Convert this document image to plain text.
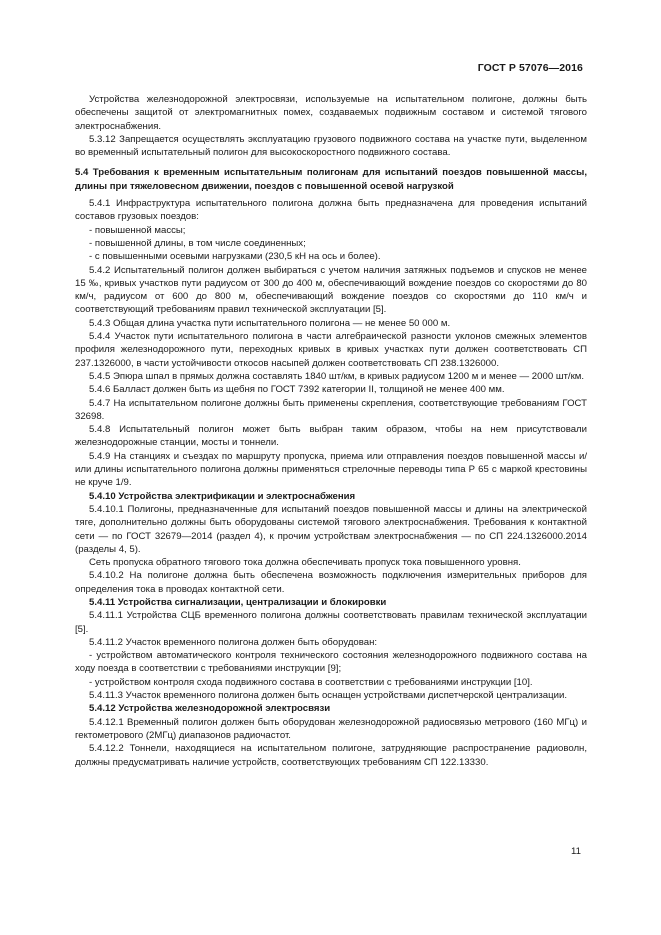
ГОСТ Р 57076—2016

Устройства железнодорожной электросвязи, используемые на испытательном полигоне, должны быть обеспечены защитой от электромагнитных помех, создаваемых подвижным составом и системой тягового электроснабжения.

5.3.12 Запрещается осуществлять эксплуатацию грузового подвижного состава на участке пути, выделенном во временный испытательный полигон для высокоскоростного подвижного состава.

5.4 Требования к временным испытательным полигонам для испытаний поездов повышенной массы, длины при тяжеловесном движении, поездов с повышенной осевой нагрузкой

5.4.1 Инфраструктура испытательного полигона должна быть предназначена для проведения испытаний составов грузовых поездов:

- повышенной массы;
- повышенной длины, в том числе соединенных;
- с повышенными осевыми нагрузками (230,5 кН на ось и более).

5.4.2 Испытательный полигон должен выбираться с учетом наличия затяжных подъемов и спусков не менее 15 ‰, кривых участков пути радиусом от 300 до 400 м, обеспечивающий вождение поездов со скоростями до 80 км/ч, радиусом от 600 до 800 м, обеспечивающий вождение поездов со скоростями до 110 км/ч и соответствующий требованиям правил технической эксплуатации [5].

5.4.3 Общая длина участка пути испытательного полигона — не менее 50 000 м.

5.4.4 Участок пути испытательного полигона в части алгебраической разности уклонов смежных элементов профиля железнодорожного пути, переходных кривых в кривых участках пути должен соответствовать СП 237.1326000, в части устойчивости откосов насыпей должен соответствовать СП 238.1326000.

5.4.5 Эпюра шпал в прямых должна составлять 1840 шт/км, в кривых радиусом 1200 м и менее — 2000 шт/км.

5.4.6 Балласт должен быть из щебня по ГОСТ 7392 категории II, толщиной не менее 400 мм.

5.4.7 На испытательном полигоне должны быть применены скрепления, соответствующие требованиям ГОСТ 32698.

5.4.8 Испытательный полигон может быть выбран таким образом, чтобы на нем присутствовали железнодорожные станции, мосты и тоннели.

5.4.9 На станциях и съездах по маршруту пропуска, приема или отправления поездов повышенной массы и/или длины испытательного полигона должны применяться стрелочные переводы типа Р 65 с маркой крестовины не круче 1/9.

5.4.10 Устройства электрификации и электроснабжения

5.4.10.1 Полигоны, предназначенные для испытаний поездов повышенной массы и длины на электрической тяге, дополнительно должны быть оборудованы системой тягового электроснабжения. Требования к контактной сети — по ГОСТ 32679—2014 (раздел 4), к прочим устройствам электроснабжения — по СП 224.1326000.2014 (разделы 4, 5).

Сеть пропуска обратного тягового тока должна обеспечивать пропуск тока повышенного уровня.

5.4.10.2 На полигоне должна быть обеспечена возможность подключения измерительных приборов для определения тока в проводах контактной сети.

5.4.11 Устройства сигнализации, централизации и блокировки

5.4.11.1 Устройства СЦБ временного полигона должны соответствовать правилам технической эксплуатации [5].

5.4.11.2 Участок временного полигона должен быть оборудован:

- устройством автоматического контроля технического состояния железнодорожного подвижного состава на ходу поезда в соответствии с требованиями инструкции [9];
- устройством контроля схода подвижного состава в соответствии с требованиями инструкции [10].

5.4.11.3 Участок временного полигона должен быть оснащен устройствами диспетчерской централизации.

5.4.12 Устройства железнодорожной электросвязи

5.4.12.1 Временный полигон должен быть оборудован железнодорожной радиосвязью метрового (160 МГц) и гектометрового (2МГц) диапазонов радиочастот.

5.4.12.2 Тоннели, находящиеся на испытательном полигоне, затрудняющие распространение радиоволн, должны предусматривать наличие устройств, соответствующих требованиям СП 122.13330.

11
